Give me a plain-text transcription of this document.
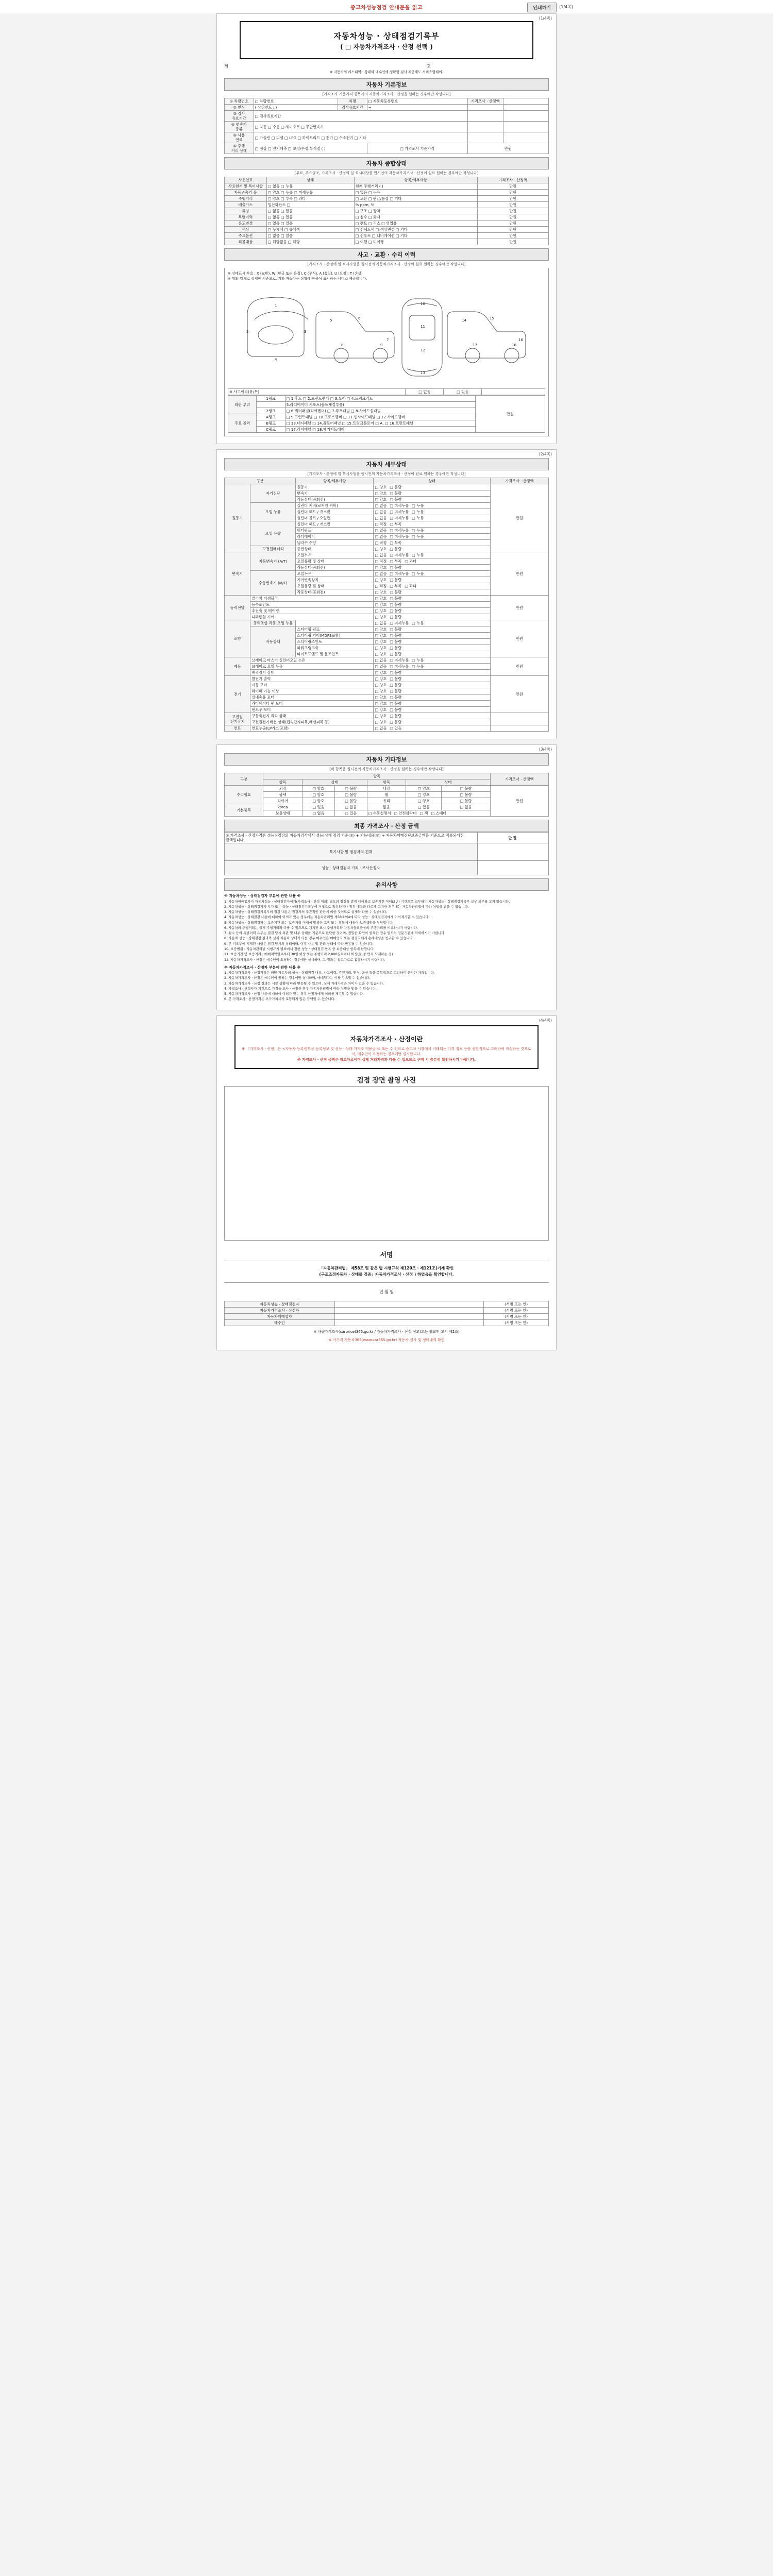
중고차성능점검 안내문을 읽고	인쇄하기	(1/4쪽)
(1/4쪽)
자동차성능 · 상태점검기록부
( □ 자동차가격조사 · 산정 선택 )
제	호
※ 자동차의 리스내역 · 상태와 매수인에 정확한 검사 제공해도 서비스업체이.
자동차 기본정보
[가격조사 기준가격 항목시의 자동차가격조사 · 산정을 원하는 경우에만 작성니다]
① 차량번호	□ 차량번호	차명	□ 자동차등록번호	가격조사 · 산정액	
② 연식	( 상위연도 : )	검사유효기간	~		
③ 검사
유효기간	□ 검사유효기간				
④ 변속기
종류	□ 자동 □ 수동 □ 세미오토 □ 무단변속기				
⑤ 사용
연료	□ 가솔린 □ 디젤 □ LPG □ 하이브리드 □ 전기 □ 수소전기 □ 기타				
⑥ 주행
거리 상태	□ 정상 □ 진기계측 □ 보정/수정 부적절 ( )		□ 가격조사 기준가격	만원	
자동차 종합상태
[무료, 주요골조, 가격조사 · 산정의 일 찍시대상을 원시전의 자동차가격조사 · 산정이 원료 원하는 경우에만 작성니다]
사용연료	상태	항목/세부사항	가격조사 · 산정액
사용현서 및 특이사항	□ 없음 □ 누유	현재 주행거리 ( )	만원
자동변속기 유	□ 양호 □ 누유 □ 미세누유	□ 없음 □ 누유	만원
주행거리	□ 양호 □ 부족 □ 과다	□ 교환 □ 판금/용접 □ 기타	만원
배출가스	일산화탄소 □	% ppm, %	만원
튜닝	□ 없음 □ 있음	□ 구조 □ 장치	만원
특별이력	□ 없음 □ 있음	□ 침수 □ 화재	만원
용도변경	□ 없음 □ 있음	□ 렌트 □ 리스 □ 영업용	만원
색상	□ 무채색 □ 유채색	□ 전체도색 □ 색상변경 □ 기타	만원
주요옵션	□ 없음 □ 있음	□ 선루프 □ 내비게이션 □ 기타	만원
리콜대상	□ 해당없음 □ 해당	□ 이행 □ 미이행	만원
사고 · 교환 · 수리 이력
[가격조사 · 산정에 일 찍시사업을 원시전의 자동차가격조사 · 산정이 원료 원하는 경우에만 작성니다]
※ 상태표시 부호 : X (교환), W (판금 또는 용접), C (부식), A (흠집), U (요철), T (손상)
※ 위와 일체로 상세한 기준으로, 기타 자동차는 상황에 한하여 표시하는 서비스 제공합니다.
1
2	3
4
5	6
7
8	9
10
11
12
13
14	15
16
17	18
※ 사고이력(유/무)	□ 없음	□ 있음	
외판 부위	1랭크	□ 1.후드 □ 2.프런트펜더 □ 3.도어 □ 4.트렁크리드	만원
		5.라디에이터 서포트(볼트체결부품)	
	2랭크	□ 6.쿼터패널(리어펜더) □ 7.루프패널 □ 8.사이드실패널	
주요 골격	A랭크	□ 9.프런트패널 □ 10.크로스멤버 □ 11.인사이드패널 □ 12.사이드멤버	
	B랭크	□ 13.대시패널 □ 14.플로어패널 □ 15.트렁크플로어 □ A, □ 16.프런트패널	
	C랭크	□ 17.리어패널 □ 18.패키지트레이	
(2/4쪽)
자동차 세부상태
[가격조사 · 산정에 일 찍시사업을 원시전의 자동차가격조사 · 산정이 원료 원하는 경우에만 작성니다]
구분		항목/세부사항	상태	가격조사 · 산정액
원동기	자기진단	원동기	□ 양호 □ 불량	만원
		변속기	□ 양호 □ 불량	
		작동상태(공회전)	□ 양호 □ 불량	
	오일 누유	실린더 커버(로커암 커버)	□ 없음 □ 미세누유 □ 누유	
		실린더 헤드 / 개스킷	□ 없음 □ 미세누유 □ 누유	
		실린더 블록 / 오일팬	□ 없음 □ 미세누유 □ 누유	
	오일 유량	실린더 헤드 / 개스킷	□ 적정 □ 부족	
		워터펌프	□ 없음 □ 미세누유 □ 누유	
		라디에이터	□ 없음 □ 미세누유 □ 누유	
		냉각수 수량	□ 적정 □ 부족	
	고전원배터리	충전상태	□ 양호 □ 불량	
변속기	자동변속기 (A/T)	오일누유	□ 없음 □ 미세누유 □ 누유	만원
		오일유량 및 상태	□ 적정 □ 부족 □ 과다	
		작동상태(공회전)	□ 양호 □ 불량	
	수동변속기 (M/T)	오일누유	□ 없음 □ 미세누유 □ 누유	
		기어변속장치	□ 양호 □ 불량	
		오일유량 및 상태	□ 적정 □ 부족 □ 과다	
		작동상태(공회전)	□ 양호 □ 불량	
동력전달	클러치 어셈블리		□ 양호 □ 불량	만원
	등속조인트		□ 양호 □ 불량	
	추진축 및 베어링		□ 양호 □ 불량	
	디퍼렌셜 기어		□ 양호 □ 불량	
조향	동력조향 작동 오일 누유		□ 없음 □ 미세누유 □ 누유	만원
	작동상태	스티어링 펌프	□ 양호 □ 불량	
		스티어링 기어(MDPS포함)	□ 양호 □ 불량	
		스티어링조인트	□ 양호 □ 불량	
		파워크랭크축	□ 양호 □ 불량	
		타이로드엔드 및 볼조인트	□ 양호 □ 불량	
제동	브레이크 마스터 실린더오일 누유		□ 없음 □ 미세누유 □ 누유	만원
	브레이크 오일 누유		□ 없음 □ 미세누유 □ 누유	
	배력장치 상태		□ 양호 □ 불량	
전기	발전기 출력		□ 양호 □ 불량	만원
	시동 모터		□ 양호 □ 불량	
	와이퍼 기능 이상		□ 양호 □ 불량	
	실내송풍 모터		□ 양호 □ 불량	
	라디에이터 팬 모터		□ 양호 □ 불량	
	윈도우 모터		□ 양호 □ 불량	
고전원 전기장치	구동축전지 격리 상태		□ 양호 □ 불량	
	고전원전기배선 상태(접속단자피복,배선피복 등)		□ 양호 □ 불량	
연료	연료누출(LP가스 포함)		□ 없음 □ 있음	
(3/4쪽)
자동차 기타정보
[미 항목을 원시전의 자동차가격조사 · 산정을 원하는 경우에만 작성니다]
구분	항목						가격조사 · 산정액
	항목	상태		항목	상태		
수리필요	외장	□ 양호	□ 불량	내장	□ 양호	□ 불량	만원
	광택	□ 양호	□ 불량	휠	□ 양호	□ 불량	
	타이어	□ 양호	□ 불량	유리	□ 양호	□ 불량	
기본품목	korea	□ 있음	□ 없음	없음	□ 있음	□ 없음	
	보유상태	□ 없음	□ 있음	□ 수동설명서 □ 안전삼각대 □ 잭 □ 스패너			
최종 가격조사 · 산정 금액
① 가격조사 · 산정가격은 성능점검장의 자동차검사에서 성능(상태 점검 기준(②) + 기능내용(③) + 자동차매매진단보증금액을 기준으로 적용되어진 금액입니다.	만원
특기사항 및 점검자의 견해	
성능 · 상태점검자 가격 · 조사산정자	
유의사항

※ 자동차성능 · 상태점검자 부분에 관한 내용 ※

1. 자동차매매업자가 자동차성능 · 상태점검자에게(가격조사 · 산정 제외) 별도의 점검을 받게 대비하고 보존기간 이내(2년) 기간으로 교부하는 자동차성능 · 상태점검기록부 교부 의무를 고지 있습니다.

2. 자동차성능 · 상태점검자가 부가 또는 성능 · 상태점검기록부에 거짓으로 작성하거나 점검 내용과 다르게 고지한 경우에는 자동차관리법에 따라 처벌을 받을 수 있습니다.

3. 자동차성능 · 상태점검기록부의 점검 내용은 점검자의 주관적인 판단에 의한 것이므로 실제와 다를 수 있습니다.

4. 자동차성능 · 상태점검 내용에 대하여 이의가 있는 경우에는 자동차관리법 제58조의4에 따라 성능 · 상태점검자에게 이의제기할 수 있습니다.

5. 자동차성능 · 상태점검자는 보증기간 또는 보증거리 이내에 발생한 고장 또는 결함에 대하여 보증책임을 부담합니다.

6. 자동차의 주행거리는 실제 주행거리와 다를 수 있으므로 계기판 표시 주행거리와 자동차등록증상의 주행거리를 비교하시기 바랍니다.

7. 침수 등의 특별이력 유무는 점검 당시 외관 및 내부 상태를 기준으로 판단한 것이며, 정밀한 확인이 필요한 경우 별도의 전문기관에 의뢰하시기 바랍니다.

8. 자동차 성능 · 상태점검 결과와 실제 자동차 상태가 다를 경우 매수인은 매매업자 또는 점검자에게 손해배상을 청구할 수 있습니다.

9. 본 기록부에 기재된 사항은 점검 당시의 상태이며, 이후 사용 및 관리 상태에 따라 변동될 수 있습니다.

10. 보증범위 : 자동차관리법 시행규칙 별표에서 정한 성능 · 상태점검 항목 중 보증대상 항목에 한합니다.

11. 보증기간 및 보증거리 : 매매계약일로부터 30일 이상 또는 주행거리 2,000킬로미터 이상(둘 중 먼저 도래하는 것)

12. 자동차가격조사 · 산정은 매수인이 요청하는 경우에만 실시하며, 그 결과는 참고자료로 활용하시기 바랍니다.

※ 자동차가격조사 · 산정자 부분에 관한 내용 ※

1. 자동차가격조사 · 산정가격은 해당 자동차의 성능 · 상태점검 내용, 사고이력, 주행거리, 연식, 옵션 등을 종합적으로 고려하여 산정한 가격입니다.

2. 자동차가격조사 · 산정은 매수인이 원하는 경우에만 실시하며, 매매업자는 이를 강요할 수 없습니다.

3. 자동차가격조사 · 산정 결과는 시장 상황에 따라 변동될 수 있으며, 실제 거래가격과 차이가 있을 수 있습니다.

4. 가격조사 · 산정자가 거짓으로 가격을 조사 · 산정한 경우 자동차관리법에 따라 처벌을 받을 수 있습니다.

5. 자동차가격조사 · 산정 내용에 대하여 이의가 있는 경우 산정자에게 이의를 제기할 수 있습니다.

6. 본 가격조사 · 산정가격은 부가가치세가 포함되지 않은 금액일 수 있습니다.

(4/4쪽)
자동차가격조사 · 산정이란

※ 「가격조사 · 산정」은 <자동차 등록원부상 등록정보 및 성능 · 상태 가격조 적용공 표 또는 수 인으로 중고차 시장에서 거래되는 가격 정보 등을 종합적으로 고려하여 작성하는 것으로서, 매수인이 요청하는 경우에만 실시합니다.

※ 가격조사 · 산정 금액은 참고자료이며 실제 거래가격과 다를 수 있으므로 구매 시 충분히 확인하시기 바랍니다.

검점 장면 촬영 사진
서명

「자동차관리법」 제58조 및 같은 법 시행규칙 제120조 · 제121조(기재 확인

(구조조정자동차 · 상태를 검증」자동차가격조사 · 산정 ) 하였음을 확인합니다.

년 월 일
자동차성능 · 상태점검자		(서명 또는 인)
자동차가격조사 · 산정자		(서명 또는 인)
자동차매매업자		(서명 또는 인)
매수인		(서명 또는 인)
※ 차량가격조사(carprice)365.go.kr / 자동차가격조사 · 산정 신고(고용 웹교인 고시 제2조)
※ 카가격 자동차365(www.car365.go.kr) 자동차 검사 및 정비내역 확인
